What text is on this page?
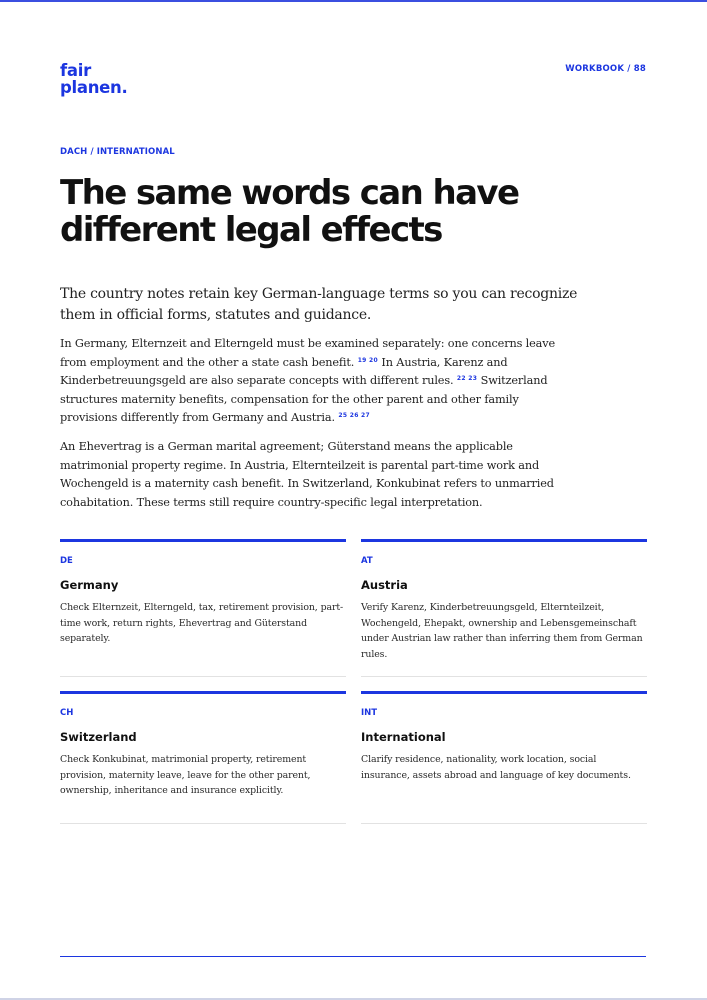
fair
planen.
WORKBOOK / 88
DACH / INTERNATIONAL
The same words can have different legal effects

The country notes retain key German-language terms so you can recognize them in official forms, statutes and guidance.

In Germany, Elternzeit and Elterngeld must be examined separately: one concerns leave from employment and the other a state cash benefit. $^{19 20}$ In Austria, Karenz and Kinderbetreuungsgeld are also separate concepts with different rules. $^{22 23}$ Switzerland structures maternity benefits, compensation for the other parent and other family provisions differently from Germany and Austria. $^{25 26 27}$

An Ehevertrag is a German marital agreement; Güterstand means the applicable matrimonial property regime. In Austria, Elternteilzeit is parental part-time work and Wochengeld is a maternity cash benefit. In Switzerland, Konkubinat refers to unmarried cohabitation. These terms still require country-specific legal interpretation.

DE
Germany

Check Elternzeit, Elterngeld, tax, retirement provision, part-time work, return rights, Ehevertrag and Güterstand separately.

AT
Austria

Verify Karenz, Kinderbetreuungsgeld, Elternteilzeit, Wochengeld, Ehepakt, ownership and Lebensgemeinschaft under Austrian law rather than inferring them from German rules.

CH
Switzerland

Check Konkubinat, matrimonial property, retirement provision, maternity leave, leave for the other parent, ownership, inheritance and insurance explicitly.

INT
International

Clarify residence, nationality, work location, social insurance, assets abroad and language of key documents.
